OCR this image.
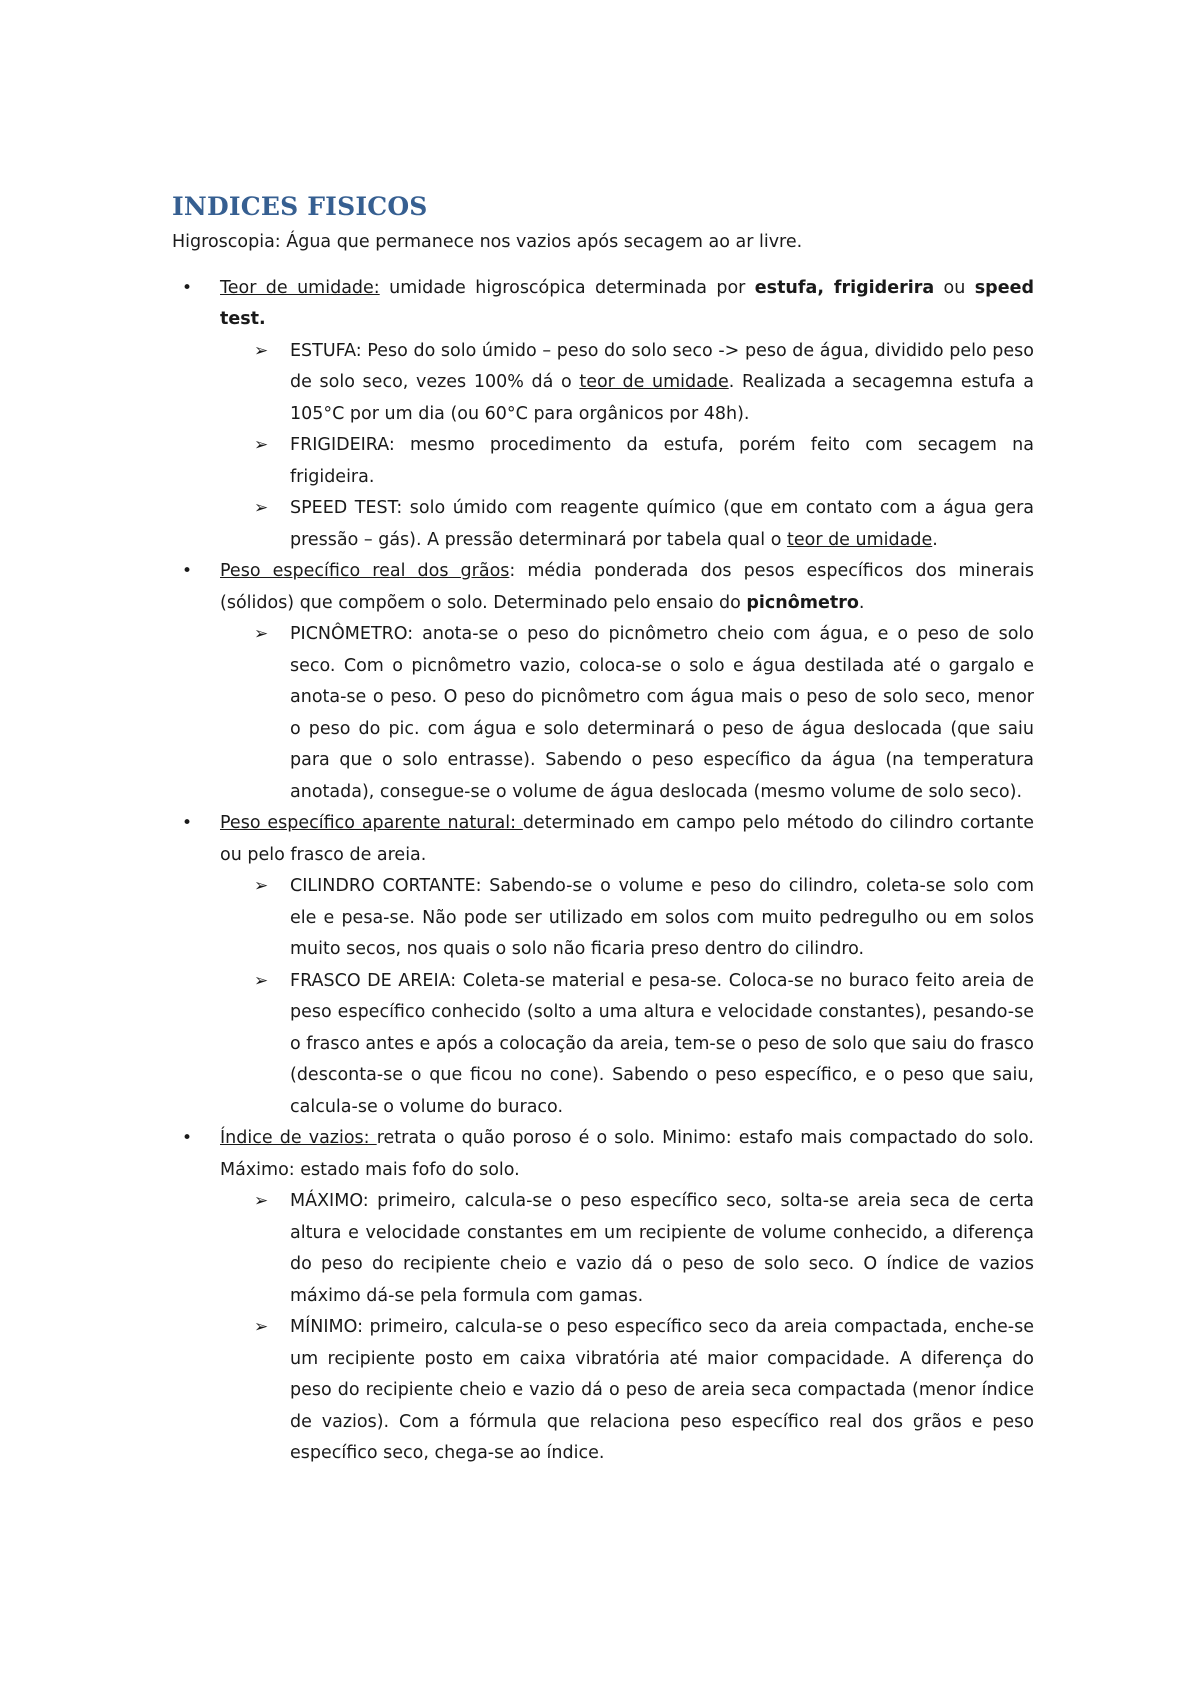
INDICES FISICOS

Higroscopia: Água que permanece nos vazios após secagem ao ar livre.

• Teor de umidade: umidade higroscópica determinada por estufa, frigiderira ou speed test.
➢ ESTUFA: Peso do solo úmido – peso do solo seco -> peso de água, dividido pelo peso de solo seco, vezes 100% dá o teor de umidade. Realizada a secagemna estufa a 105°C por um dia (ou 60°C para orgânicos por 48h).
➢ FRIGIDEIRA: mesmo procedimento da estufa, porém feito com secagem na frigideira.
➢ SPEED TEST: solo úmido com reagente químico (que em contato com a água gera pressão – gás). A pressão determinará por tabela qual o teor de umidade.
• Peso específico real dos grãos: média ponderada dos pesos específicos dos minerais (sólidos) que compõem o solo. Determinado pelo ensaio do picnômetro.
➢ PICNÔMETRO: anota-se o peso do picnômetro cheio com água, e o peso de solo seco. Com o picnômetro vazio, coloca-se o solo e água destilada até o gargalo e anota-se o peso. O peso do picnômetro com água mais o peso de solo seco, menor o peso do pic. com água e solo determinará o peso de água deslocada (que saiu para que o solo entrasse). Sabendo o peso específico da água (na temperatura anotada), consegue-se o volume de água deslocada (mesmo volume de solo seco).
• Peso específico aparente natural: determinado em campo pelo método do cilindro cortante ou pelo frasco de areia.
➢ CILINDRO CORTANTE: Sabendo-se o volume e peso do cilindro, coleta-se solo com ele e pesa-se. Não pode ser utilizado em solos com muito pedregulho ou em solos muito secos, nos quais o solo não ficaria preso dentro do cilindro.
➢ FRASCO DE AREIA: Coleta-se material e pesa-se. Coloca-se no buraco feito areia de peso específico conhecido (solto a uma altura e velocidade constantes), pesando-se o frasco antes e após a colocação da areia, tem-se o peso de solo que saiu do frasco (desconta-se o que ficou no cone). Sabendo o peso específico, e o peso que saiu, calcula-se o volume do buraco.
• Índice de vazios: retrata o quão poroso é o solo. Minimo: estafo mais compactado do solo. Máximo: estado mais fofo do solo.
➢ MÁXIMO: primeiro, calcula-se o peso específico seco, solta-se areia seca de certa altura e velocidade constantes em um recipiente de volume conhecido, a diferença do peso do recipiente cheio e vazio dá o peso de solo seco. O índice de vazios máximo dá-se pela formula com gamas.
➢ MÍNIMO: primeiro, calcula-se o peso específico seco da areia compactada, enche-se um recipiente posto em caixa vibratória até maior compacidade. A diferença do peso do recipiente cheio e vazio dá o peso de areia seca compactada (menor índice de vazios). Com a fórmula que relaciona peso específico real dos grãos e peso específico seco, chega-se ao índice.
